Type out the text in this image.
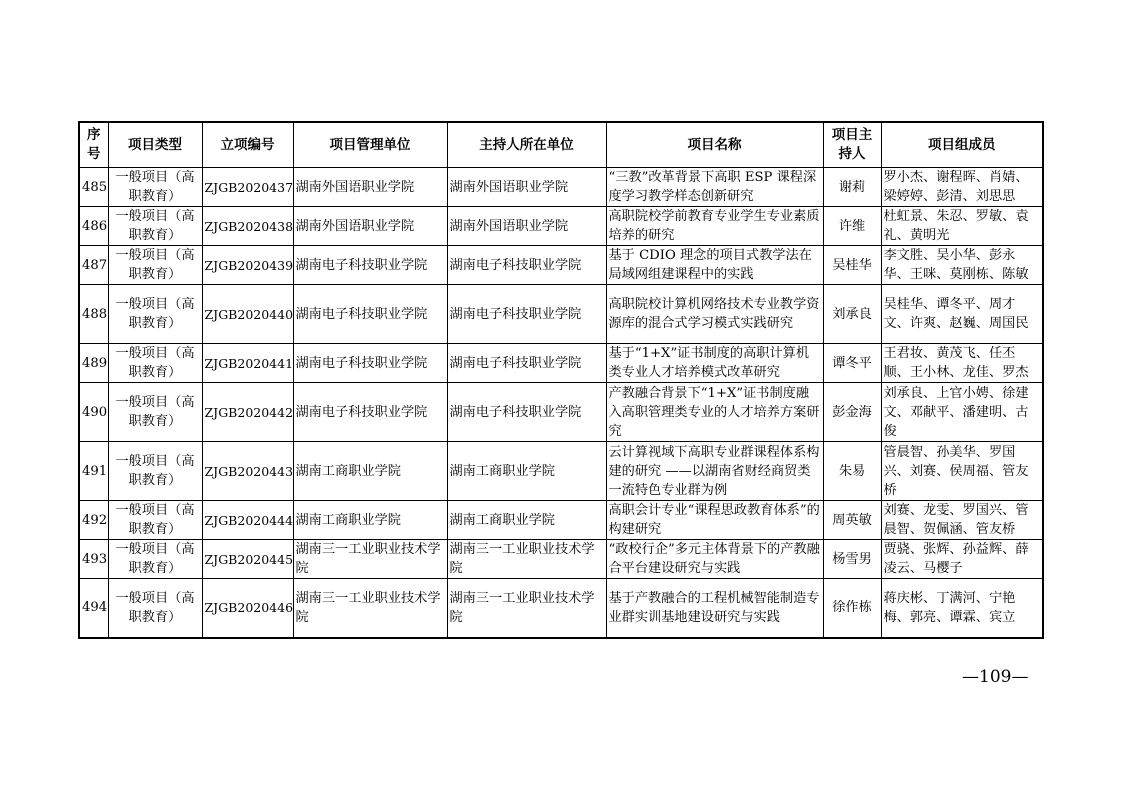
序号	项目类型	立项编号	项目管理单位	主持人所在单位	项目名称	项目主持人	项目组成员
485	一般项目（高职教育）	ZJGB2020437	湖南外国语职业学院	湖南外国语职业学院	“三教”改革背景下高职 ESP 课程深度学习教学样态创新研究	谢莉	罗小杰、谢程晖、肖婧、梁婷婷、彭清、刘思思
486	一般项目（高职教育）	ZJGB2020438	湖南外国语职业学院	湖南外国语职业学院	高职院校学前教育专业学生专业素质培养的研究	许维	杜虹景、朱忍、罗敏、袁礼、黄明光
487	一般项目（高职教育）	ZJGB2020439	湖南电子科技职业学院	湖南电子科技职业学院	基于 CDIO 理念的项目式教学法在局域网组建课程中的实践	吴桂华	李文胜、吴小华、彭永华、王咪、莫刚栋、陈敏
488	一般项目（高职教育）	ZJGB2020440	湖南电子科技职业学院	湖南电子科技职业学院	高职院校计算机网络技术专业教学资源库的混合式学习模式实践研究	刘承良	吴桂华、谭冬平、周才文、许爽、赵巍、周国民
489	一般项目（高职教育）	ZJGB2020441	湖南电子科技职业学院	湖南电子科技职业学院	基于“1+X”证书制度的高职计算机类专业人才培养模式改革研究	谭冬平	王君妆、黄茂飞、任丕顺、王小林、龙佳、罗杰
490	一般项目（高职教育）	ZJGB2020442	湖南电子科技职业学院	湖南电子科技职业学院	产教融合背景下“1+X”证书制度融入高职管理类专业的人才培养方案研究	彭金海	刘承良、上官小娉、徐建文、邓献平、潘建明、古俊
491	一般项目（高职教育）	ZJGB2020443	湖南工商职业学院	湖南工商职业学院	云计算视域下高职专业群课程体系构建的研究 ——以湖南省财经商贸类一流特色专业群为例	朱易	管晨智、孙美华、罗国兴、刘赛、侯周福、管友桥
492	一般项目（高职教育）	ZJGB2020444	湖南工商职业学院	湖南工商职业学院	高职会计专业“课程思政教育体系”的构建研究	周英敏	刘赛、龙雯、罗国兴、管晨智、贺佩涵、管友桥
493	一般项目（高职教育）	ZJGB2020445	湖南三一工业职业技术学院	湖南三一工业职业技术学院	“政校行企”多元主体背景下的产教融合平台建设研究与实践	杨雪男	贾骁、张辉、孙益辉、薛凌云、马樱子
494	一般项目（高职教育）	ZJGB2020446	湖南三一工业职业技术学院	湖南三一工业职业技术学院	基于产教融合的工程机械智能制造专业群实训基地建设研究与实践	徐作栋	蒋庆彬、丁满河、宁艳梅、郭亮、谭霖、宾立
—109—
